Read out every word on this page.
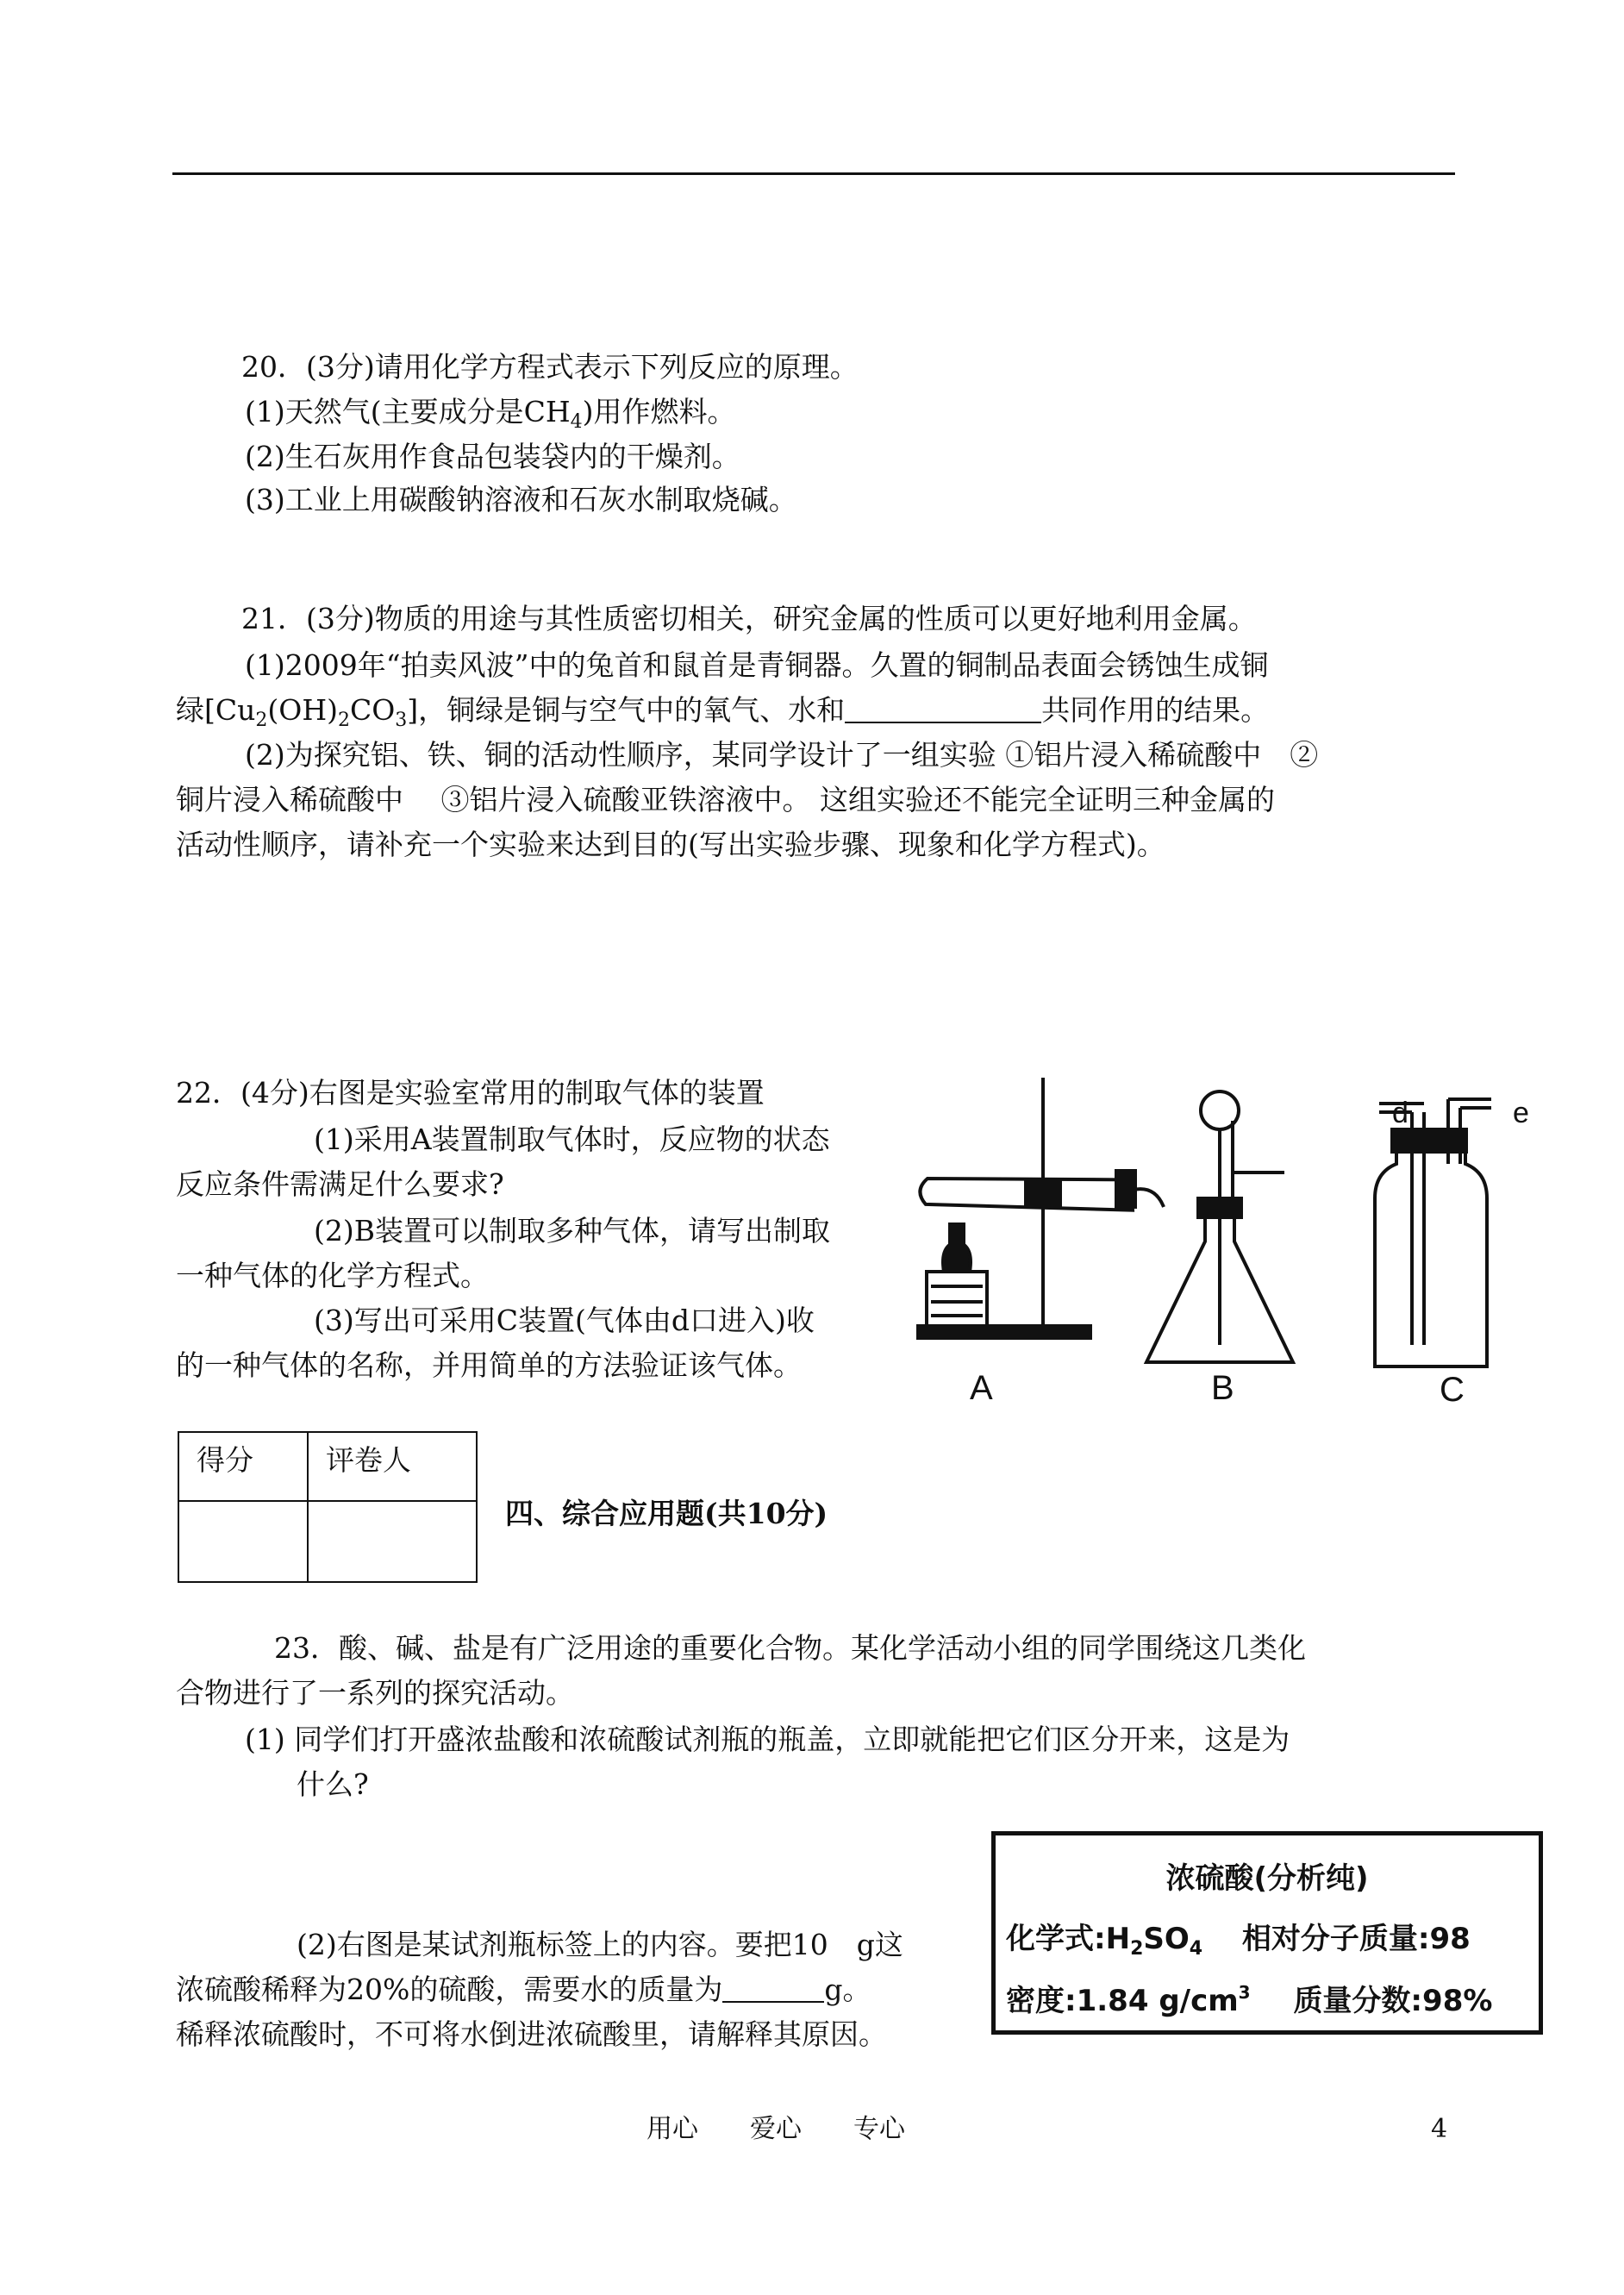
20．(3分)请用化学方程式表示下列反应的原理。
(1)天然气(主要成分是$CH_4$)用作燃料。
(2)生石灰用作食品包装袋内的干燥剂。
(3)工业上用碳酸钠溶液和石灰水制取烧碱。
21．(3分)物质的用途与其性质密切相关，研究金属的性质可以更好地利用金属。
(1)2009年“拍卖风波”中的兔首和鼠首是青铜器。久置的铜制品表面会锈蚀生成铜
绿$[Cu_2(OH)_2CO_3]$，铜绿是铜与空气中的氧气、水和	共同作用的结果。
(2)为探究铝、铁、铜的活动性顺序，某同学设计了一组实验 ①铝片浸入稀硫酸中　②
铜片浸入稀硫酸中　 ③铝片浸入硫酸亚铁溶液中。 这组实验还不能完全证明三种金属的
活动性顺序，请补充一个实验来达到目的(写出实验步骤、现象和化学方程式)。
22．(4分)右图是实验室常用的制取气体的装置
(1)采用A装置制取气体时，反应物的状态
反应条件需满足什么要求?
(2)B装置可以制取多种气体，请写出制取
一种气体的化学方程式。
(3)写出可采用C装置(气体由d口进入)收
的一种气体的名称，并用简单的方法验证该气体。
A	B	C
d	e
得分	评卷人

四、综合应用题(共10分)
23．酸、碱、盐是有广泛用途的重要化合物。某化学活动小组的同学围绕这几类化
合物进行了一系列的探究活动。
(1) 同学们打开盛浓盐酸和浓硫酸试剂瓶的瓶盖，立即就能把它们区分开来，这是为
什么?
(2)右图是某试剂瓶标签上的内容。要把10　g这
浓硫酸稀释为20%的硫酸，需要水的质量为	g。
稀释浓硫酸时，不可将水倒进浓硫酸里，请解释其原因。
浓硫酸(分析纯)
化学式$:H_2SO_4$ 相对分子质量:98
密度:1.84 $g/cm^3$ 质量分数:98%
用心　　爱心　　专心	4
